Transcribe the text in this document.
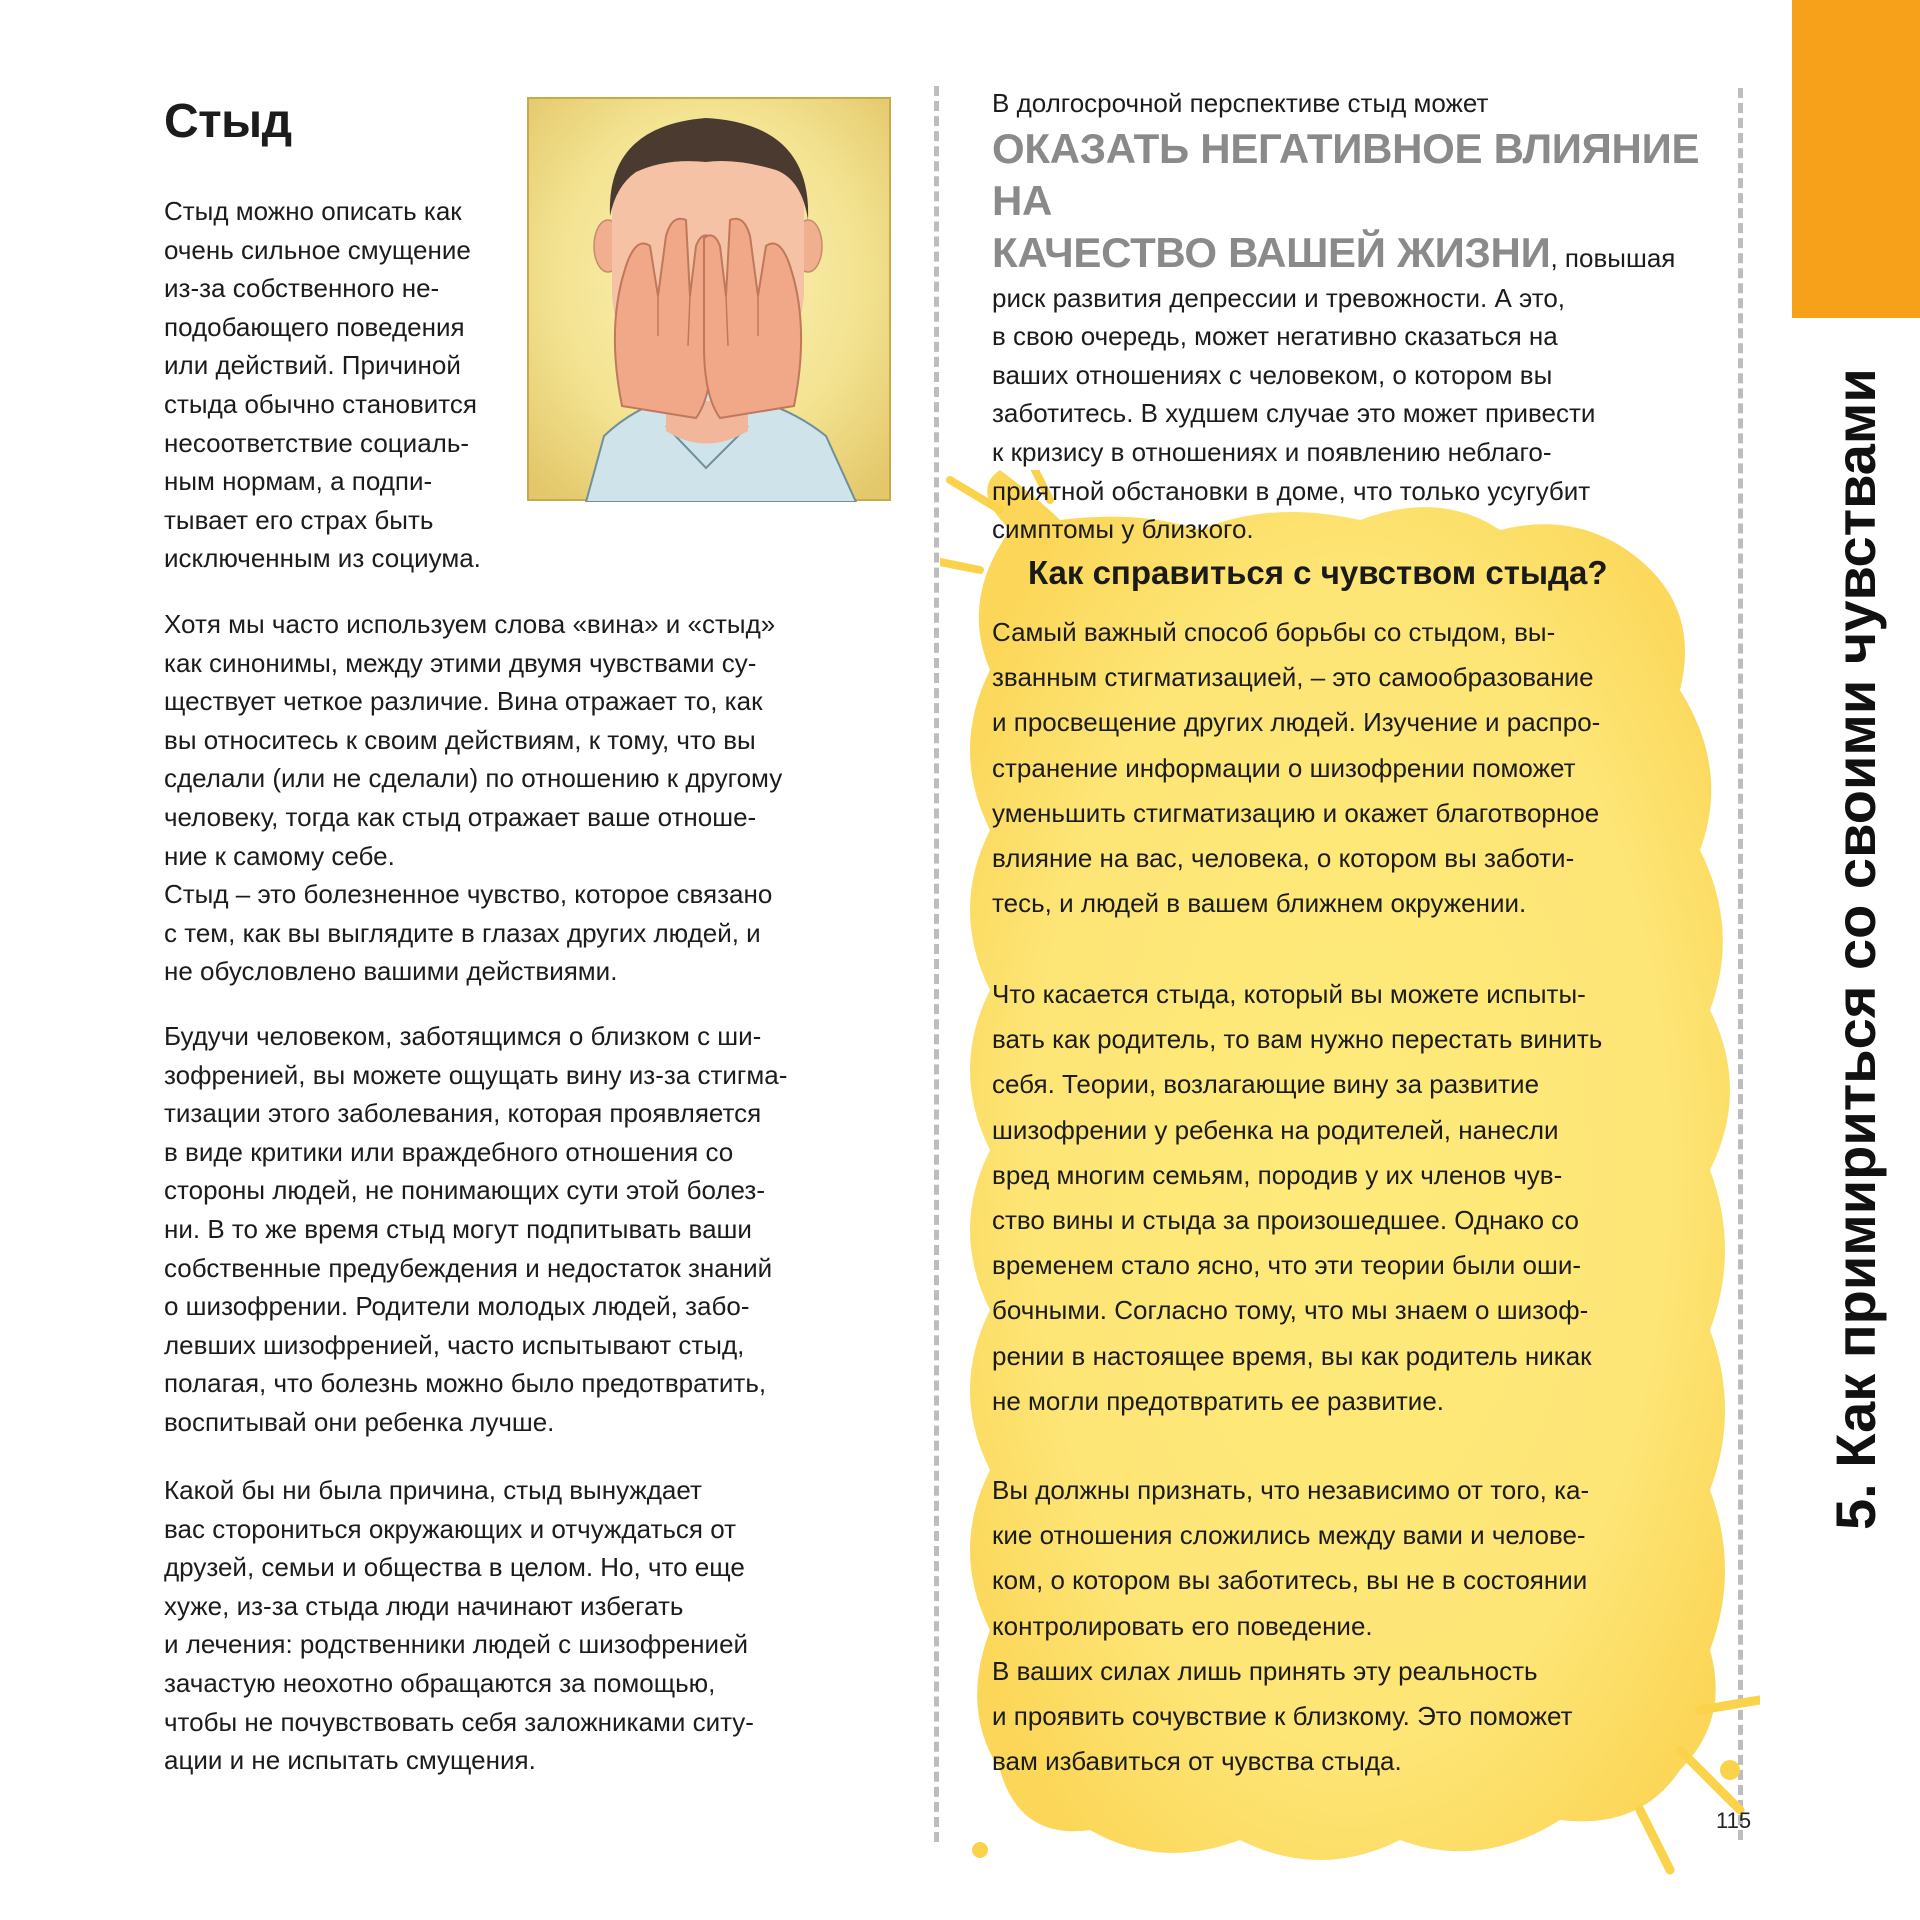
5. Как примириться со своими чувствами
Стыд

Стыд можно описать как
очень сильное смущение
из-за собственного не-
подобающего поведения
или действий. Причиной
стыда обычно становится
несоответствие социаль-
ным нормам, а подпи-
тывает его страх быть
исключенным из социума.

Хотя мы часто используем слова «вина» и «стыд»
как синонимы, между этими двумя чувствами су-
ществует четкое различие. Вина отражает то, как
вы относитесь к своим действиям, к тому, что вы
сделали (или не сделали) по отношению к другому
человеку, тогда как стыд отражает ваше отноше-
ние к самому себе.
Стыд – это болезненное чувство, которое связано
с тем, как вы выглядите в глазах других людей, и
не обусловлено вашими действиями.

Будучи человеком, заботящимся о близком с ши-
зофренией, вы можете ощущать вину из-за стигма-
тизации этого заболевания, которая проявляется
в виде критики или враждебного отношения со
стороны людей, не понимающих сути этой болез-
ни. В то же время стыд могут подпитывать ваши
собственные предубеждения и недостаток знаний
о шизофрении. Родители молодых людей, забо-
левших шизофренией, часто испытывают стыд,
полагая, что болезнь можно было предотвратить,
воспитывай они ребенка лучше.

Какой бы ни была причина, стыд вынуждает
вас сторониться окружающих и отчуждаться от
друзей, семьи и общества в целом. Но, что еще
хуже, из-за стыда люди начинают избегать
и лечения: родственники людей с шизофренией
зачастую неохотно обращаются за помощью,
чтобы не почувствовать себя заложниками ситу-
ации и не испытать смущения.

В долгосрочной перспективе стыд может
ОКАЗАТЬ НЕГАТИВНОЕ ВЛИЯНИЕ НА
КАЧЕСТВО ВАШЕЙ ЖИЗНИ, повышая
риск развития депрессии и тревожности. А это,
в свою очередь, может негативно сказаться на
ваших отношениях с человеком, о котором вы
заботитесь. В худшем случае это может привести
к кризису в отношениях и появлению неблаго-
приятной обстановки в доме, что только усугубит
симптомы у близкого.
Как справиться с чувством стыда?

Самый важный способ борьбы со стыдом, вы-
званным стигматизацией, – это самообразование
и просвещение других людей. Изучение и распро-
странение информации о шизофрении поможет
уменьшить стигматизацию и окажет благотворное
влияние на вас, человека, о котором вы заботи-
тесь, и людей в вашем ближнем окружении.

Что касается стыда, который вы можете испыты-
вать как родитель, то вам нужно перестать винить
себя. Теории, возлагающие вину за развитие
шизофрении у ребенка на родителей, нанесли
вред многим семьям, породив у их членов чув-
ство вины и стыда за произошедшее. Однако со
временем стало ясно, что эти теории были оши-
бочными. Согласно тому, что мы знаем о шизоф-
рении в настоящее время, вы как родитель никак
не могли предотвратить ее развитие.

Вы должны признать, что независимо от того, ка-
кие отношения сложились между вами и челове-
ком, о котором вы заботитесь, вы не в состоянии
контролировать его поведение.
В ваших силах лишь принять эту реальность
и проявить сочувствие к близкому. Это поможет
вам избавиться от чувства стыда.

115
